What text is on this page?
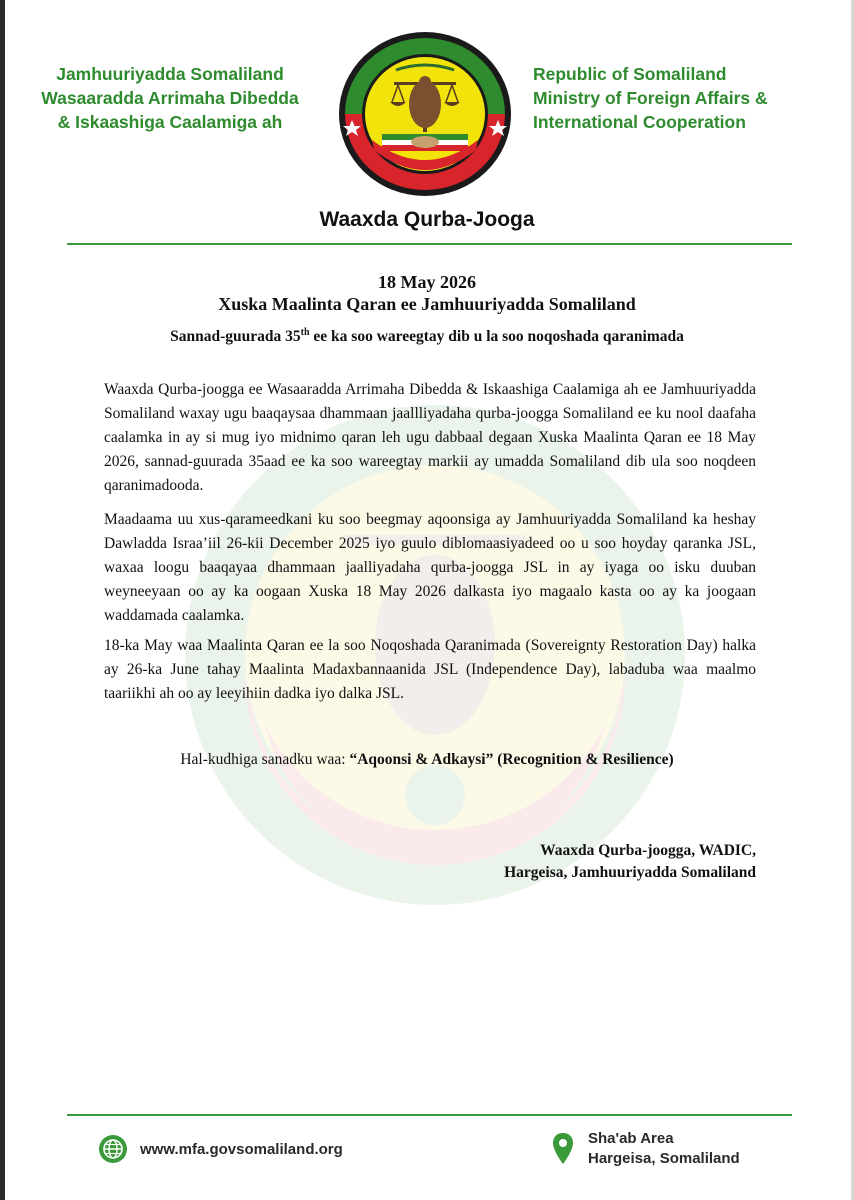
Jamhuuriyadda Somaliland
Wasaaradda Arrimaha Dibedda
& Iskaashiga Caalamiga ah
Republic of Somaliland
Ministry of Foreign Affairs &
International Cooperation
Waaxda Qurba-Jooga
18 May 2026
Xuska Maalinta Qaran ee Jamhuuriyadda Somaliland
Sannad-guurada 35th ee ka soo wareegtay dib u la soo noqoshada qaranimada
Waaxda Qurba-joogga ee Wasaaradda Arrimaha Dibedda & Iskaashiga Caalamiga ah ee Jamhuuriyadda Somaliland waxay ugu baaqaysaa dhammaan jaallliyadaha qurba-joogga Somaliland ee ku nool daafaha caalamka in ay si mug iyo midnimo qaran leh ugu dabbaal degaan Xuska Maalinta Qaran ee 18 May 2026, sannad-guurada 35aad ee ka soo wareegtay markii ay umadda Somaliland dib ula soo noqdeen qaranimadooda.
Maadaama uu xus-qarameedkani ku soo beegmay aqoonsiga ay Jamhuuriyadda Somaliland ka heshay Dawladda Israa’iil 26-kii December 2025 iyo guulo diblomaasiyadeed oo u soo hoyday qaranka JSL, waxaa loogu baaqayaa dhammaan jaalliyadaha qurba-joogga JSL in ay iyaga oo isku duuban weyneeyaan oo ay ka oogaan Xuska 18 May 2026 dalkasta iyo magaalo kasta oo ay ka joogaan waddamada caalamka.
18-ka May waa Maalinta Qaran ee la soo Noqoshada Qaranimada (Sovereignty Restoration Day) halka ay 26-ka June tahay Maalinta Madaxbannaanida JSL (Independence Day), labaduba waa maalmo taariikhi ah oo ay leeyihiin dadka iyo dalka JSL.
Hal-kudhiga sanadku waa: “Aqoonsi & Adkaysi” (Recognition & Resilience)
Waaxda Qurba-joogga, WADIC,
Hargeisa, Jamhuuriyadda Somaliland
www.mfa.govsomaliland.org
Sha'ab Area
Hargeisa, Somaliland
